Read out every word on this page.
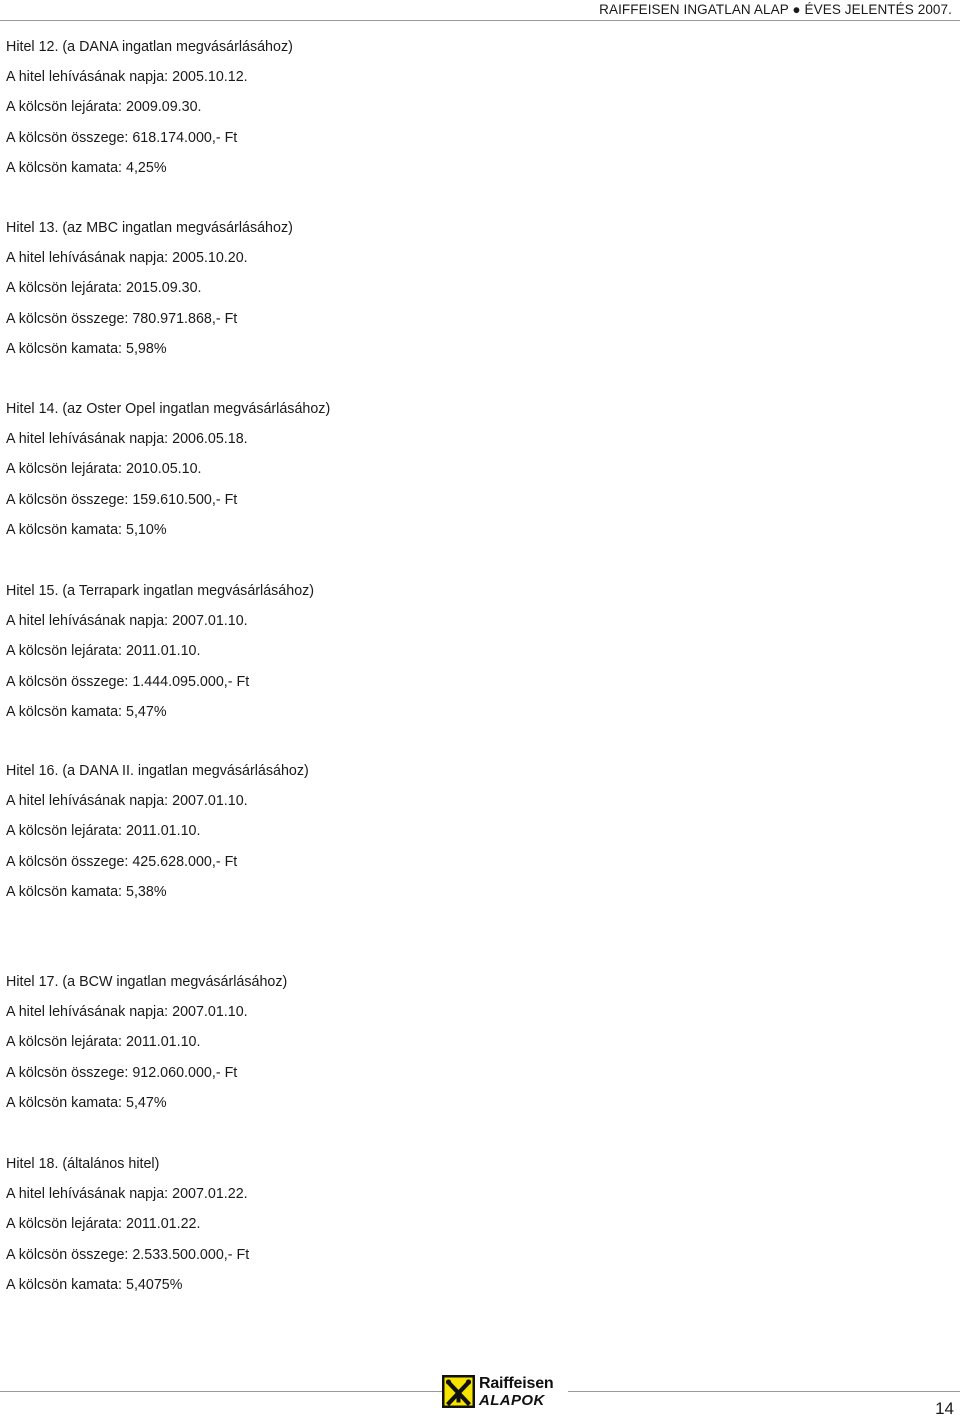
RAIFFEISEN INGATLAN ALAP ● ÉVES JELENTÉS 2007.
Hitel 12. (a DANA ingatlan megvásárlásához)
A hitel lehívásának napja: 2005.10.12.
A kölcsön lejárata: 2009.09.30.
A kölcsön összege: 618.174.000,- Ft
A kölcsön kamata: 4,25%
Hitel 13. (az MBC ingatlan megvásárlásához)
A hitel lehívásának napja: 2005.10.20.
A kölcsön lejárata: 2015.09.30.
A kölcsön összege: 780.971.868,- Ft
A kölcsön kamata: 5,98%
Hitel 14. (az Oster Opel ingatlan megvásárlásához)
A hitel lehívásának napja: 2006.05.18.
A kölcsön lejárata: 2010.05.10.
A kölcsön összege: 159.610.500,- Ft
A kölcsön kamata: 5,10%
Hitel 15. (a Terrapark ingatlan megvásárlásához)
A hitel lehívásának napja: 2007.01.10.
A kölcsön lejárata: 2011.01.10.
A kölcsön összege: 1.444.095.000,- Ft
A kölcsön kamata: 5,47%
Hitel 16. (a DANA II. ingatlan megvásárlásához)
A hitel lehívásának napja: 2007.01.10.
A kölcsön lejárata: 2011.01.10.
A kölcsön összege: 425.628.000,- Ft
A kölcsön kamata: 5,38%
Hitel 17. (a BCW ingatlan megvásárlásához)
A hitel lehívásának napja: 2007.01.10.
A kölcsön lejárata: 2011.01.10.
A kölcsön összege: 912.060.000,- Ft
A kölcsön kamata: 5,47%
Hitel 18. (általános hitel)
A hitel lehívásának napja: 2007.01.22.
A kölcsön lejárata: 2011.01.22.
A kölcsön összege: 2.533.500.000,- Ft
A kölcsön kamata: 5,4075%
Raiffeisen
ALAPOK	14
